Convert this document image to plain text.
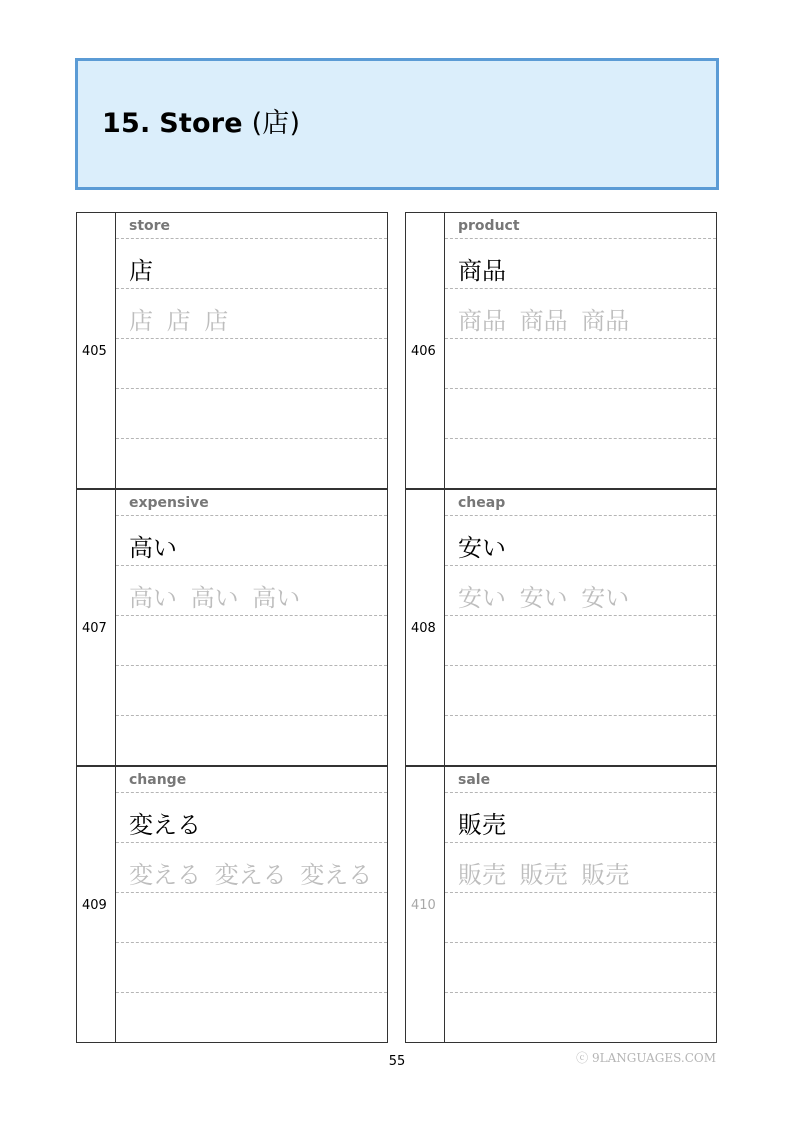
15. Store (店)
405
store
店
店 店 店
406
product
商品
商品 商品 商品
407
expensive
高い
高い 高い 高い
408
cheap
安い
安い 安い 安い
409
change
変える
変える 変える 変える
410
sale
販売
販売 販売 販売
55	ⓒ 9LANGUAGES.COM
